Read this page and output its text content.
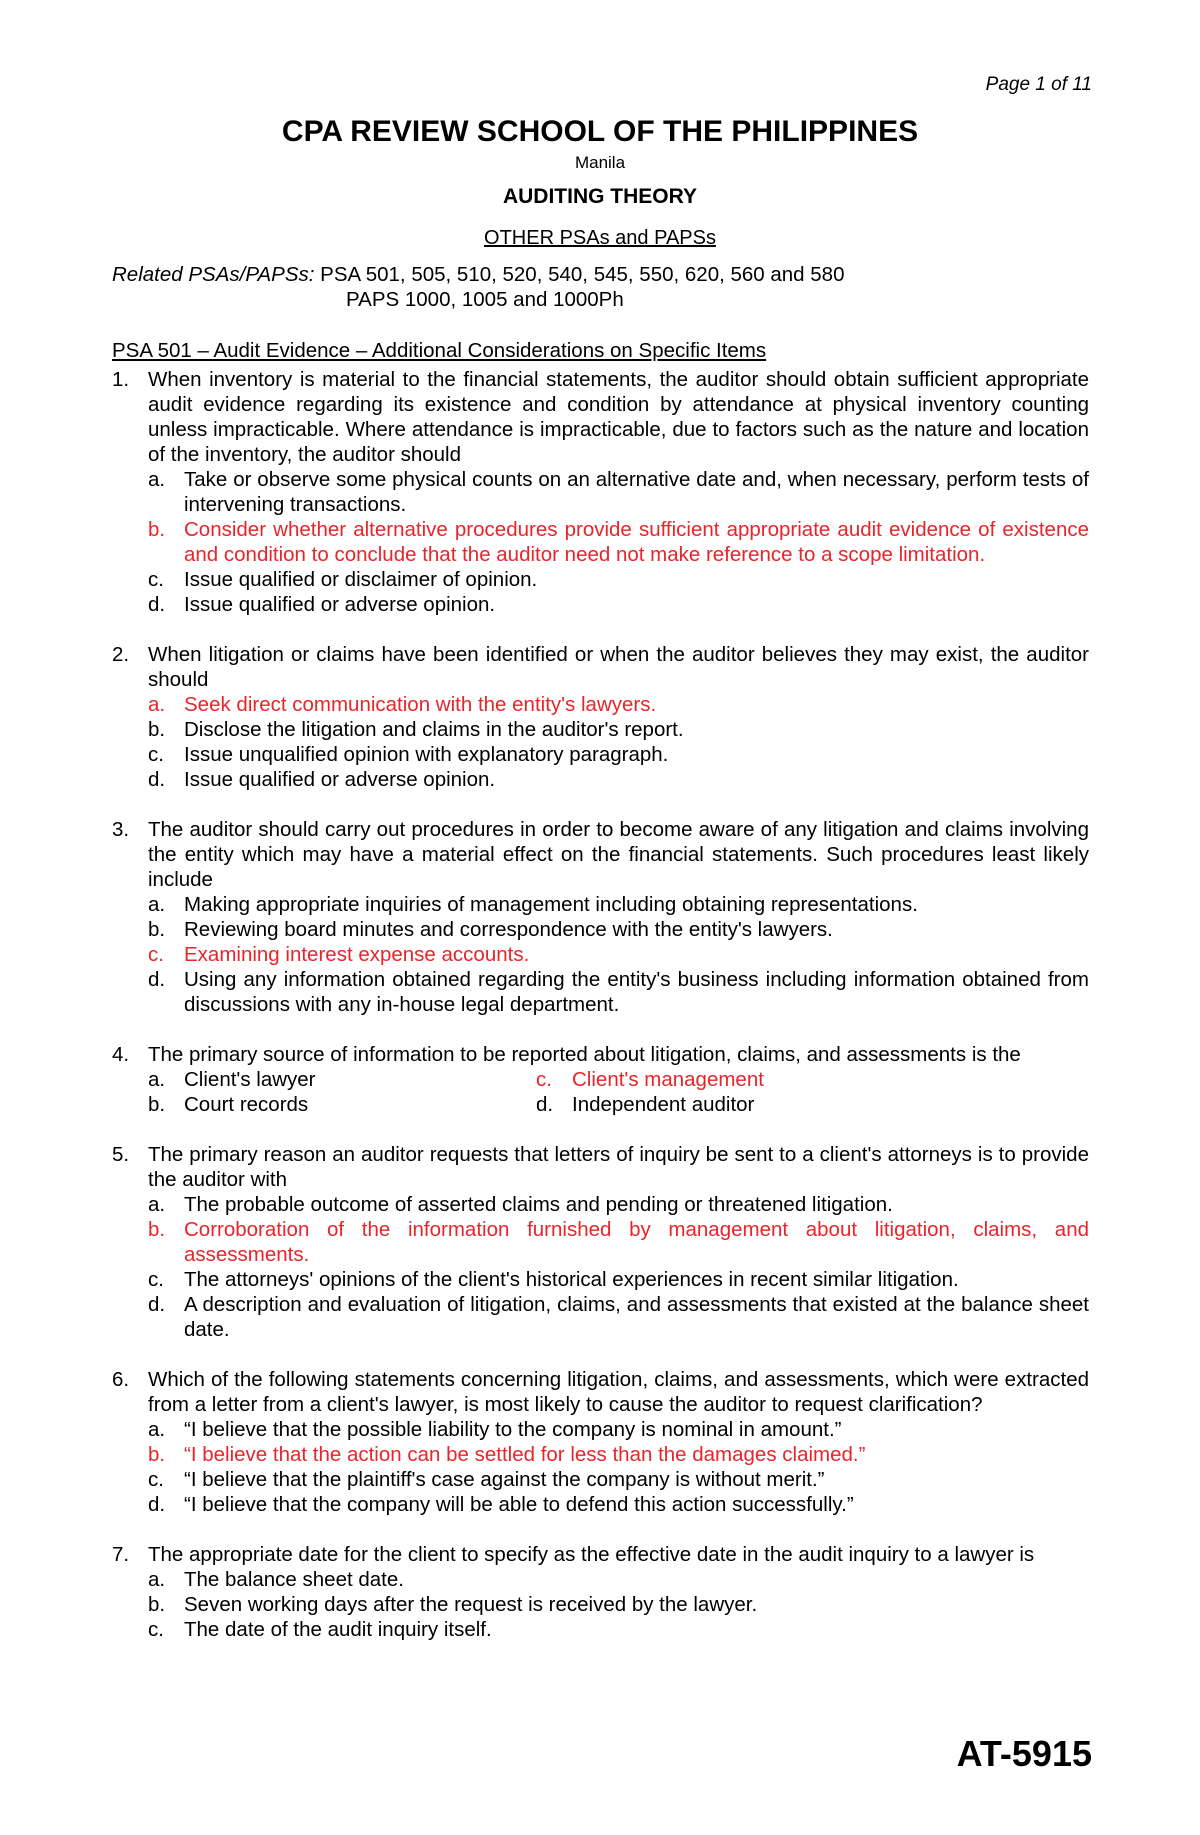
Page 1 of 11
CPA REVIEW SCHOOL OF THE PHILIPPINES
Manila
AUDITING THEORY
OTHER PSAs and PAPSs
Related PSAs/PAPSs: PSA 501, 505, 510, 520, 540, 545, 550, 620, 560 and 580
PAPS 1000, 1005 and 1000Ph
PSA 501 – Audit Evidence – Additional Considerations on Specific Items
1. When inventory is material to the financial statements, the auditor should obtain sufficient appropriate audit evidence regarding its existence and condition by attendance at physical inventory counting unless impracticable. Where attendance is impracticable, due to factors such as the nature and location of the inventory, the auditor should
a. Take or observe some physical counts on an alternative date and, when necessary, perform tests of intervening transactions.
b. Consider whether alternative procedures provide sufficient appropriate audit evidence of existence and condition to conclude that the auditor need not make reference to a scope limitation.
c. Issue qualified or disclaimer of opinion.
d. Issue qualified or adverse opinion.
2. When litigation or claims have been identified or when the auditor believes they may exist, the auditor should
a. Seek direct communication with the entity's lawyers.
b. Disclose the litigation and claims in the auditor's report.
c. Issue unqualified opinion with explanatory paragraph.
d. Issue qualified or adverse opinion.
3. The auditor should carry out procedures in order to become aware of any litigation and claims involving the entity which may have a material effect on the financial statements. Such procedures least likely include
a. Making appropriate inquiries of management including obtaining representations.
b. Reviewing board minutes and correspondence with the entity's lawyers.
c. Examining interest expense accounts.
d. Using any information obtained regarding the entity's business including information obtained from discussions with any in-house legal department.
4. The primary source of information to be reported about litigation, claims, and assessments is the
a. Client's lawyer
b. Court records
c. Client's management
d. Independent auditor
5. The primary reason an auditor requests that letters of inquiry be sent to a client's attorneys is to provide the auditor with
a. The probable outcome of asserted claims and pending or threatened litigation.
b. Corroboration of the information furnished by management about litigation, claims, and assessments.
c. The attorneys' opinions of the client's historical experiences in recent similar litigation.
d. A description and evaluation of litigation, claims, and assessments that existed at the balance sheet date.
6. Which of the following statements concerning litigation, claims, and assessments, which were extracted from a letter from a client's lawyer, is most likely to cause the auditor to request clarification?
a. “I believe that the possible liability to the company is nominal in amount.”
b. “I believe that the action can be settled for less than the damages claimed.”
c. “I believe that the plaintiff's case against the company is without merit.”
d. “I believe that the company will be able to defend this action successfully.”
7. The appropriate date for the client to specify as the effective date in the audit inquiry to a lawyer is
a. The balance sheet date.
b. Seven working days after the request is received by the lawyer.
c. The date of the audit inquiry itself.
AT-5915
